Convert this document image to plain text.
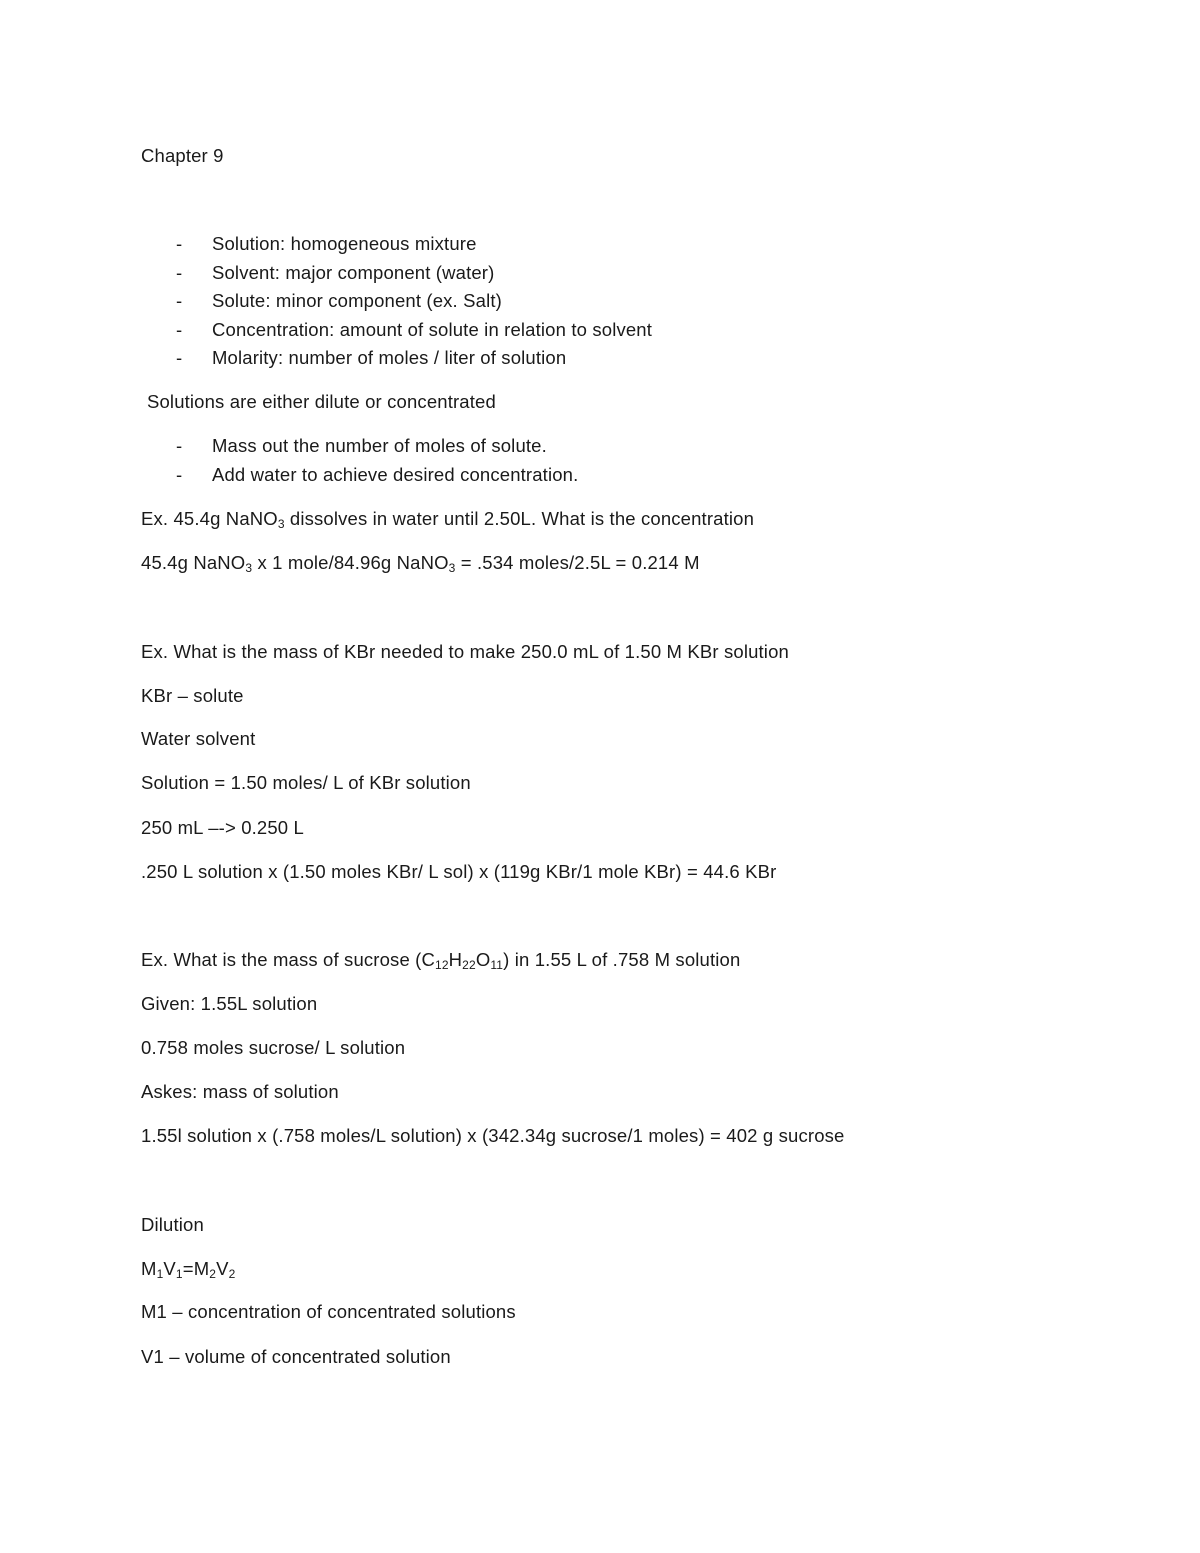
Chapter 9
- Solution: homogeneous mixture
- Solvent: major component (water)
- Solute: minor component (ex. Salt)
- Concentration: amount of solute in relation to solvent
- Molarity: number of moles / liter of solution
Solutions are either dilute or concentrated
- Mass out the number of moles of solute.
- Add water to achieve desired concentration.
Ex. 45.4g NaNO$_3$ dissolves in water until 2.50L. What is the concentration
45.4g NaNO$_3$ x 1 mole/84.96g NaNO$_3$ = .534 moles/2.5L = 0.214 M
Ex. What is the mass of KBr needed to make 250.0 mL of 1.50 M KBr solution
KBr – solute
Water solvent
Solution = 1.50 moles/ L of KBr solution
250 mL –-> 0.250 L
.250 L solution x (1.50 moles KBr/ L sol) x (119g KBr/1 mole KBr) = 44.6 KBr
Ex. What is the mass of sucrose $(C_{12}H_{22}O_{11})$ in 1.55 L of .758 M solution
Given: 1.55L solution
0.758 moles sucrose/ L solution
Askes: mass of solution
1.55l solution x (.758 moles/L solution) x (342.34g sucrose/1 moles) = 402 g sucrose
Dilution
$M_1V_1=M_2V_2$
M1 – concentration of concentrated solutions
V1 – volume of concentrated solution
